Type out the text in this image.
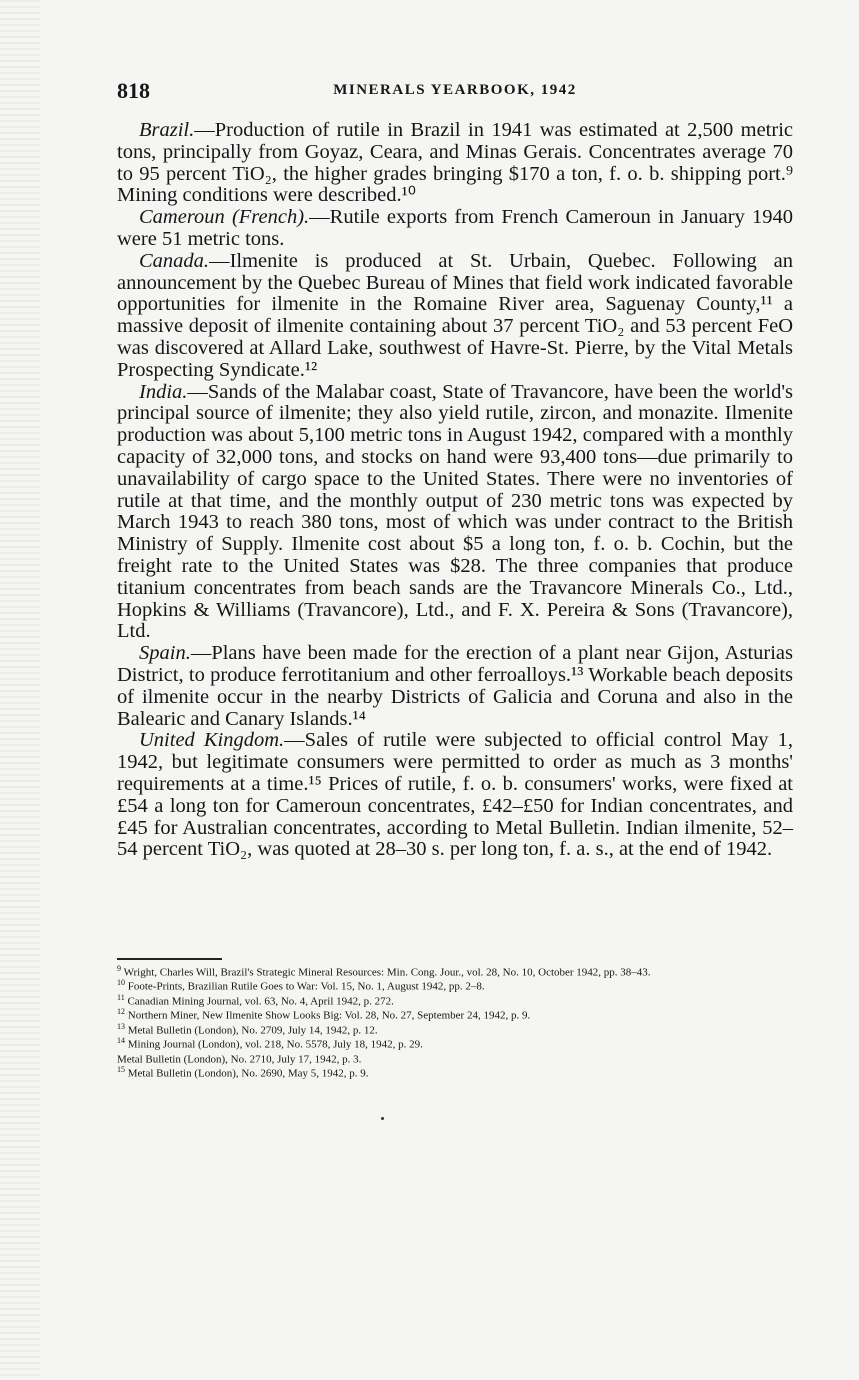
818	MINERALS YEARBOOK, 1942

Brazil.—Production of rutile in Brazil in 1941 was estimated at 2,500 metric tons, principally from Goyaz, Ceara, and Minas Gerais. Concentrates average 70 to 95 percent TiO₂, the higher grades bringing $170 a ton, f. o. b. shipping port.⁹ Mining conditions were described.¹⁰

Cameroun (French).—Rutile exports from French Cameroun in January 1940 were 51 metric tons.

Canada.—Ilmenite is produced at St. Urbain, Quebec. Following an announcement by the Quebec Bureau of Mines that field work indicated favorable opportunities for ilmenite in the Romaine River area, Saguenay County,¹¹ a massive deposit of ilmenite containing about 37 percent TiO₂ and 53 percent FeO was discovered at Allard Lake, southwest of Havre-St. Pierre, by the Vital Metals Prospecting Syndicate.¹²

India.—Sands of the Malabar coast, State of Travancore, have been the world's principal source of ilmenite; they also yield rutile, zircon, and monazite. Ilmenite production was about 5,100 metric tons in August 1942, compared with a monthly capacity of 32,000 tons, and stocks on hand were 93,400 tons—due primarily to unavailability of cargo space to the United States. There were no inventories of rutile at that time, and the monthly output of 230 metric tons was expected by March 1943 to reach 380 tons, most of which was under contract to the British Ministry of Supply. Ilmenite cost about $5 a long ton, f. o. b. Cochin, but the freight rate to the United States was $28. The three companies that produce titanium concentrates from beach sands are the Travancore Minerals Co., Ltd., Hopkins & Williams (Travancore), Ltd., and F. X. Pereira & Sons (Travancore), Ltd.

Spain.—Plans have been made for the erection of a plant near Gijon, Asturias District, to produce ferrotitanium and other ferroalloys.¹³ Workable beach deposits of ilmenite occur in the nearby Districts of Galicia and Coruna and also in the Balearic and Canary Islands.¹⁴

United Kingdom.—Sales of rutile were subjected to official control May 1, 1942, but legitimate consumers were permitted to order as much as 3 months' requirements at a time.¹⁵ Prices of rutile, f. o. b. consumers' works, were fixed at £54 a long ton for Cameroun concentrates, £42–£50 for Indian concentrates, and £45 for Australian concentrates, according to Metal Bulletin. Indian ilmenite, 52–54 percent TiO₂, was quoted at 28–30 s. per long ton, f. a. s., at the end of 1942.

$^9$ Wright, Charles Will, Brazil's Strategic Mineral Resources: Min. Cong. Jour., vol. 28, No. 10, October 1942, pp. 38–43.

$^{10}$ Foote-Prints, Brazilian Rutile Goes to War: Vol. 15, No. 1, August 1942, pp. 2–8.

$^{11}$ Canadian Mining Journal, vol. 63, No. 4, April 1942, p. 272.

$^{12}$ Northern Miner, New Ilmenite Show Looks Big: Vol. 28, No. 27, September 24, 1942, p. 9.

$^{13}$ Metal Bulletin (London), No. 2709, July 14, 1942, p. 12.

$^{14}$ Mining Journal (London), vol. 218, No. 5578, July 18, 1942, p. 29.

Metal Bulletin (London), No. 2710, July 17, 1942, p. 3.

$^{15}$ Metal Bulletin (London), No. 2690, May 5, 1942, p. 9.
